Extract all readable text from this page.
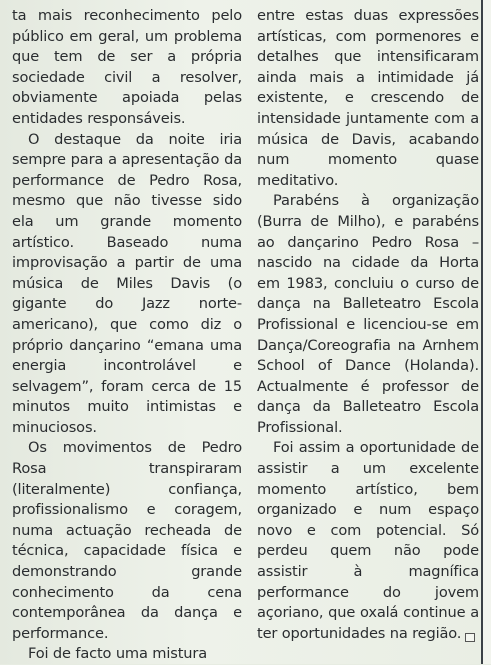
ta mais reconhecimento pelo público em geral, um problema que tem de ser a própria sociedade civil a resolver, obviamente apoiada pelas entidades responsáveis.

O destaque da noite iria sempre para a apresentação da performance de Pedro Rosa, mesmo que não tivesse sido ela um grande momento artístico. Baseado numa improvisação a partir de uma música de Miles Davis (o gigante do Jazz norte-americano), que como diz o próprio dançarino “emana uma energia incontrolável e selvagem”, foram cerca de 15 minutos muito intimistas e minuciosos.

Os movimentos de Pedro Rosa transpiraram (literalmente) confiança, profissionalismo e coragem, numa actuação recheada de técnica, capacidade física e demonstrando grande conhecimento da cena contemporânea da dança e performance.

Foi de facto uma mistura

entre estas duas expressões artísticas, com pormenores e detalhes que intensificaram ainda mais a intimidade já existente, e crescendo de intensidade juntamente com a música de Davis, acabando num momento quase meditativo.

Parabéns à organização (Burra de Milho), e parabéns ao dançarino Pedro Rosa – nascido na cidade da Horta em 1983, concluiu o curso de dança na Balleteatro Escola Profissional e licenciou-se em Dança/Coreografia na Arnhem School of Dance (Holanda). Actualmente é professor de dança da Balleteatro Escola Profissional.

Foi assim a oportunidade de assistir a um excelente momento artístico, bem organizado e num espaço novo e com potencial. Só perdeu quem não pode assistir à magnífica performance do jovem açoriano, que oxalá continue a ter oportunidades na região.
